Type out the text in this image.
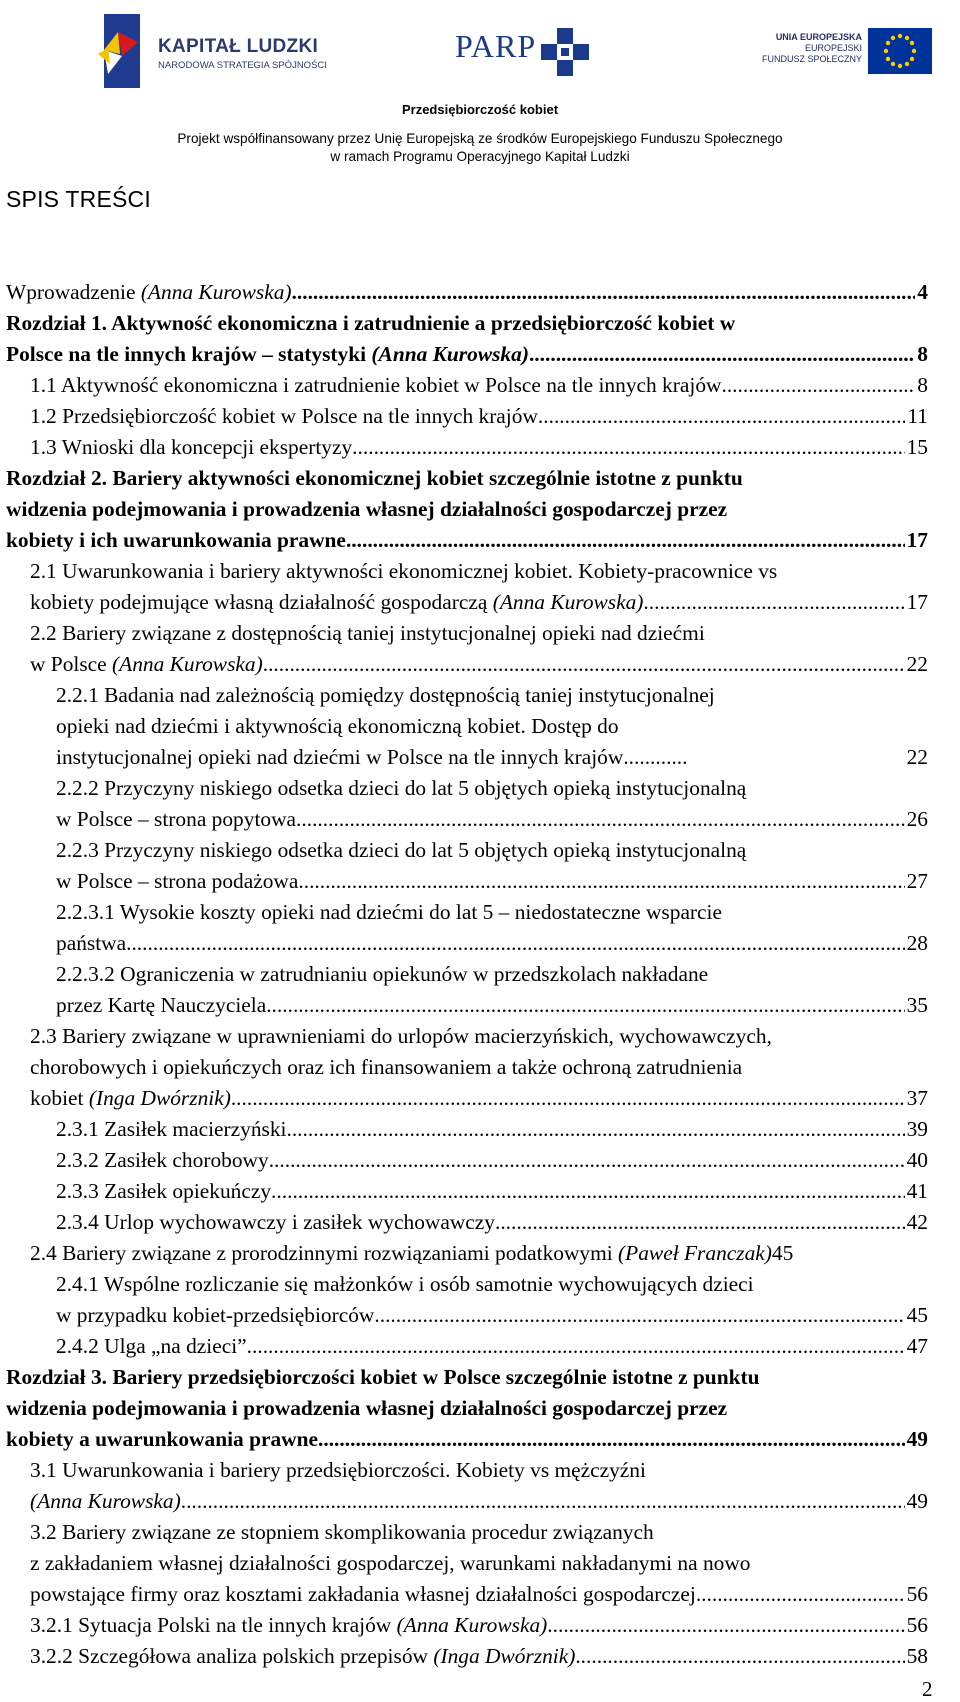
KAPITAŁ LUDZKI
NARODOWA STRATEGIA SPÓJNOŚCI
PARP	UNIA EUROPEJSKA
EUROPEJSKI
FUNDUSZ SPOŁECZNY
Przedsiębiorczość kobiet
Projekt współfinansowany przez Unię Europejską ze środków Europejskiego Funduszu Społecznego
w ramach Programu Operacyjnego Kapitał Ludzki
SPIS TREŚCI
Wprowadzenie (Anna Kurowska) .....	4
Rozdział 1. Aktywność ekonomiczna i zatrudnienie a przedsiębiorczość kobiet w
Polsce na tle innych krajów – statystyki (Anna Kurowska) .....	8
1.1 Aktywność ekonomiczna i zatrudnienie kobiet w Polsce na tle innych krajów .....	8
1.2 Przedsiębiorczość kobiet w Polsce na tle innych krajów .....	11
1.3 Wnioski dla koncepcji ekspertyzy .....	15
Rozdział 2. Bariery aktywności ekonomicznej kobiet szczególnie istotne z punktu
widzenia podejmowania i prowadzenia własnej działalności gospodarczej przez
kobiety i ich uwarunkowania prawne .....	17
2.1 Uwarunkowania i bariery aktywności ekonomicznej kobiet. Kobiety-pracownice vs
kobiety podejmujące własną działalność gospodarczą (Anna Kurowska) .....	17
2.2 Bariery związane z dostępnością taniej instytucjonalnej opieki nad dziećmi
w Polsce (Anna Kurowska) .....	22
2.2.1 Badania nad zależnością pomiędzy dostępnością taniej instytucjonalnej
opieki nad dziećmi i aktywnością ekonomiczną kobiet. Dostęp do
instytucjonalnej opieki nad dziećmi w Polsce na tle innych krajów .....	22
2.2.2 Przyczyny niskiego odsetka dzieci do lat 5 objętych opieką instytucjonalną
w Polsce – strona popytowa .....	26
2.2.3 Przyczyny niskiego odsetka dzieci do lat 5 objętych opieką instytucjonalną
w Polsce – strona podażowa .....	27
2.2.3.1 Wysokie koszty opieki nad dziećmi do lat 5 – niedostateczne wsparcie
państwa .....	28
2.2.3.2 Ograniczenia w zatrudnianiu opiekunów w przedszkolach nakładane
przez Kartę Nauczyciela .....	35
2.3 Bariery związane w uprawnieniami do urlopów macierzyńskich, wychowawczych,
chorobowych i opiekuńczych oraz ich finansowaniem a także ochroną zatrudnienia
kobiet (Inga Dwórznik) .....	37
2.3.1 Zasiłek macierzyński .....	39
2.3.2 Zasiłek chorobowy .....	40
2.3.3 Zasiłek opiekuńczy .....	41
2.3.4 Urlop wychowawczy i zasiłek wychowawczy .....	42
2.4 Bariery związane z prorodzinnymi rozwiązaniami podatkowymi (Paweł Franczak) 45
2.4.1 Wspólne rozliczanie się małżonków i osób samotnie wychowujących dzieci
w przypadku kobiet-przedsiębiorców .....	45
2.4.2 Ulga „na dzieci” .....	47
Rozdział 3. Bariery przedsiębiorczości kobiet w Polsce szczególnie istotne z punktu
widzenia podejmowania i prowadzenia własnej działalności gospodarczej przez
kobiety a uwarunkowania prawne .....	49
3.1 Uwarunkowania i bariery przedsiębiorczości. Kobiety vs mężczyźni
(Anna Kurowska) .....	49
3.2 Bariery związane ze stopniem skomplikowania procedur związanych
z zakładaniem własnej działalności gospodarczej, warunkami nakładanymi na nowo
powstające firmy oraz kosztami zakładania własnej działalności gospodarczej .....	56
3.2.1 Sytuacja Polski na tle innych krajów (Anna Kurowska) .....	56
3.2.2 Szczegółowa analiza polskich przepisów (Inga Dwórznik) .....	58
2
